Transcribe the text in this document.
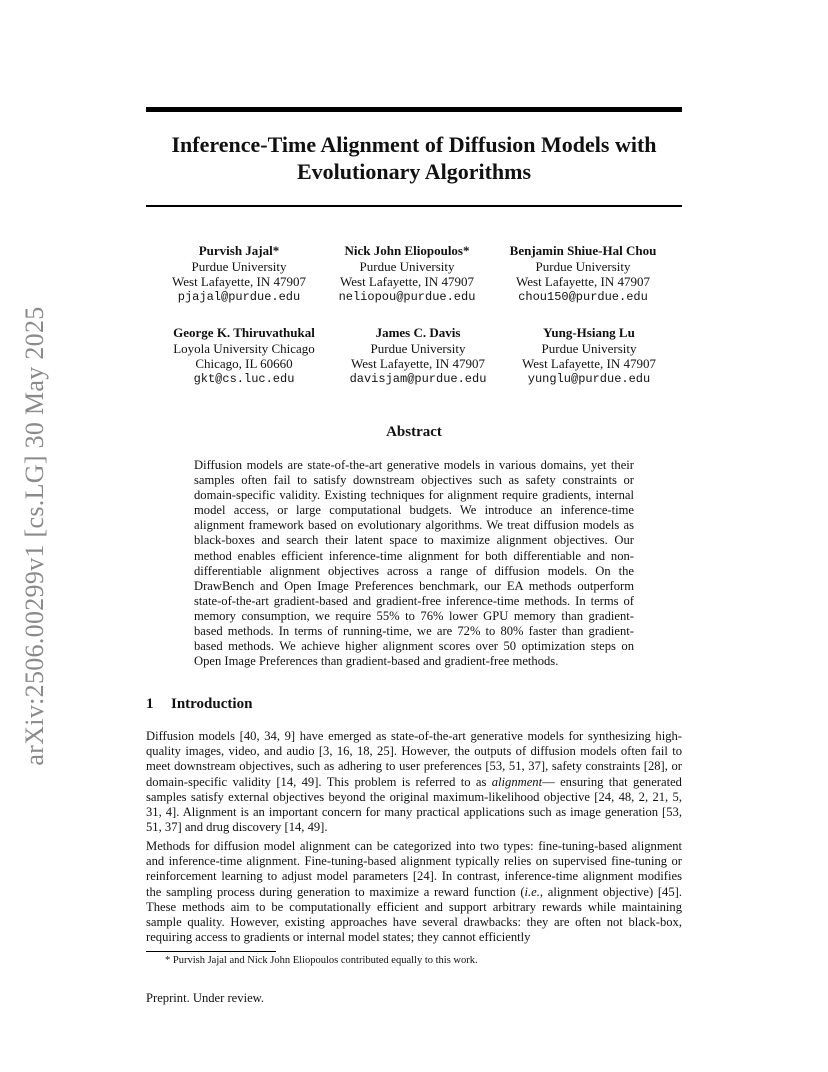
arXiv:2506.00299v1 [cs.LG] 30 May 2025
Inference-Time Alignment of Diffusion Models with
Evolutionary Algorithms
Purvish Jajal*
Purdue University
West Lafayette, IN 47907
pjajal@purdue.edu
Nick John Eliopoulos*
Purdue University
West Lafayette, IN 47907
neliopou@purdue.edu
Benjamin Shiue-Hal Chou
Purdue University
West Lafayette, IN 47907
chou150@purdue.edu
George K. Thiruvathukal
Loyola University Chicago
Chicago, IL 60660
gkt@cs.luc.edu
James C. Davis
Purdue University
West Lafayette, IN 47907
davisjam@purdue.edu
Yung-Hsiang Lu
Purdue University
West Lafayette, IN 47907
yunglu@purdue.edu
Abstract
Diffusion models are state-of-the-art generative models in various domains, yet their samples often fail to satisfy downstream objectives such as safety constraints or domain-specific validity. Existing techniques for alignment require gradients, internal model access, or large computational budgets. We introduce an inference-time alignment framework based on evolutionary algorithms. We treat diffusion models as black-boxes and search their latent space to maximize alignment objectives. Our method enables efficient inference-time alignment for both differentiable and non-differentiable alignment objectives across a range of diffusion models. On the DrawBench and Open Image Preferences benchmark, our EA methods outperform state-of-the-art gradient-based and gradient-free inference-time methods. In terms of memory consumption, we require 55% to 76% lower GPU memory than gradient-based methods. In terms of running-time, we are 72% to 80% faster than gradient-based methods. We achieve higher alignment scores over 50 optimization steps on Open Image Preferences than gradient-based and gradient-free methods.
1 Introduction

Diffusion models [40, 34, 9] have emerged as state-of-the-art generative models for synthesizing high-quality images, video, and audio [3, 16, 18, 25]. However, the outputs of diffusion models often fail to meet downstream objectives, such as adhering to user preferences [53, 51, 37], safety constraints [28], or domain-specific validity [14, 49]. This problem is referred to as alignment— ensuring that generated samples satisfy external objectives beyond the original maximum-likelihood objective [24, 48, 2, 21, 5, 31, 4]. Alignment is an important concern for many practical applications such as image generation [53, 51, 37] and drug discovery [14, 49].

Methods for diffusion model alignment can be categorized into two types: fine-tuning-based alignment and inference-time alignment. Fine-tuning-based alignment typically relies on supervised fine-tuning or reinforcement learning to adjust model parameters [24]. In contrast, inference-time alignment modifies the sampling process during generation to maximize a reward function (i.e., alignment objective) [45]. These methods aim to be computationally efficient and support arbitrary rewards while maintaining sample quality. However, existing approaches have several drawbacks: they are often not black-box, requiring access to gradients or internal model states; they cannot efficiently

* Purvish Jajal and Nick John Eliopoulos contributed equally to this work.
Preprint. Under review.
